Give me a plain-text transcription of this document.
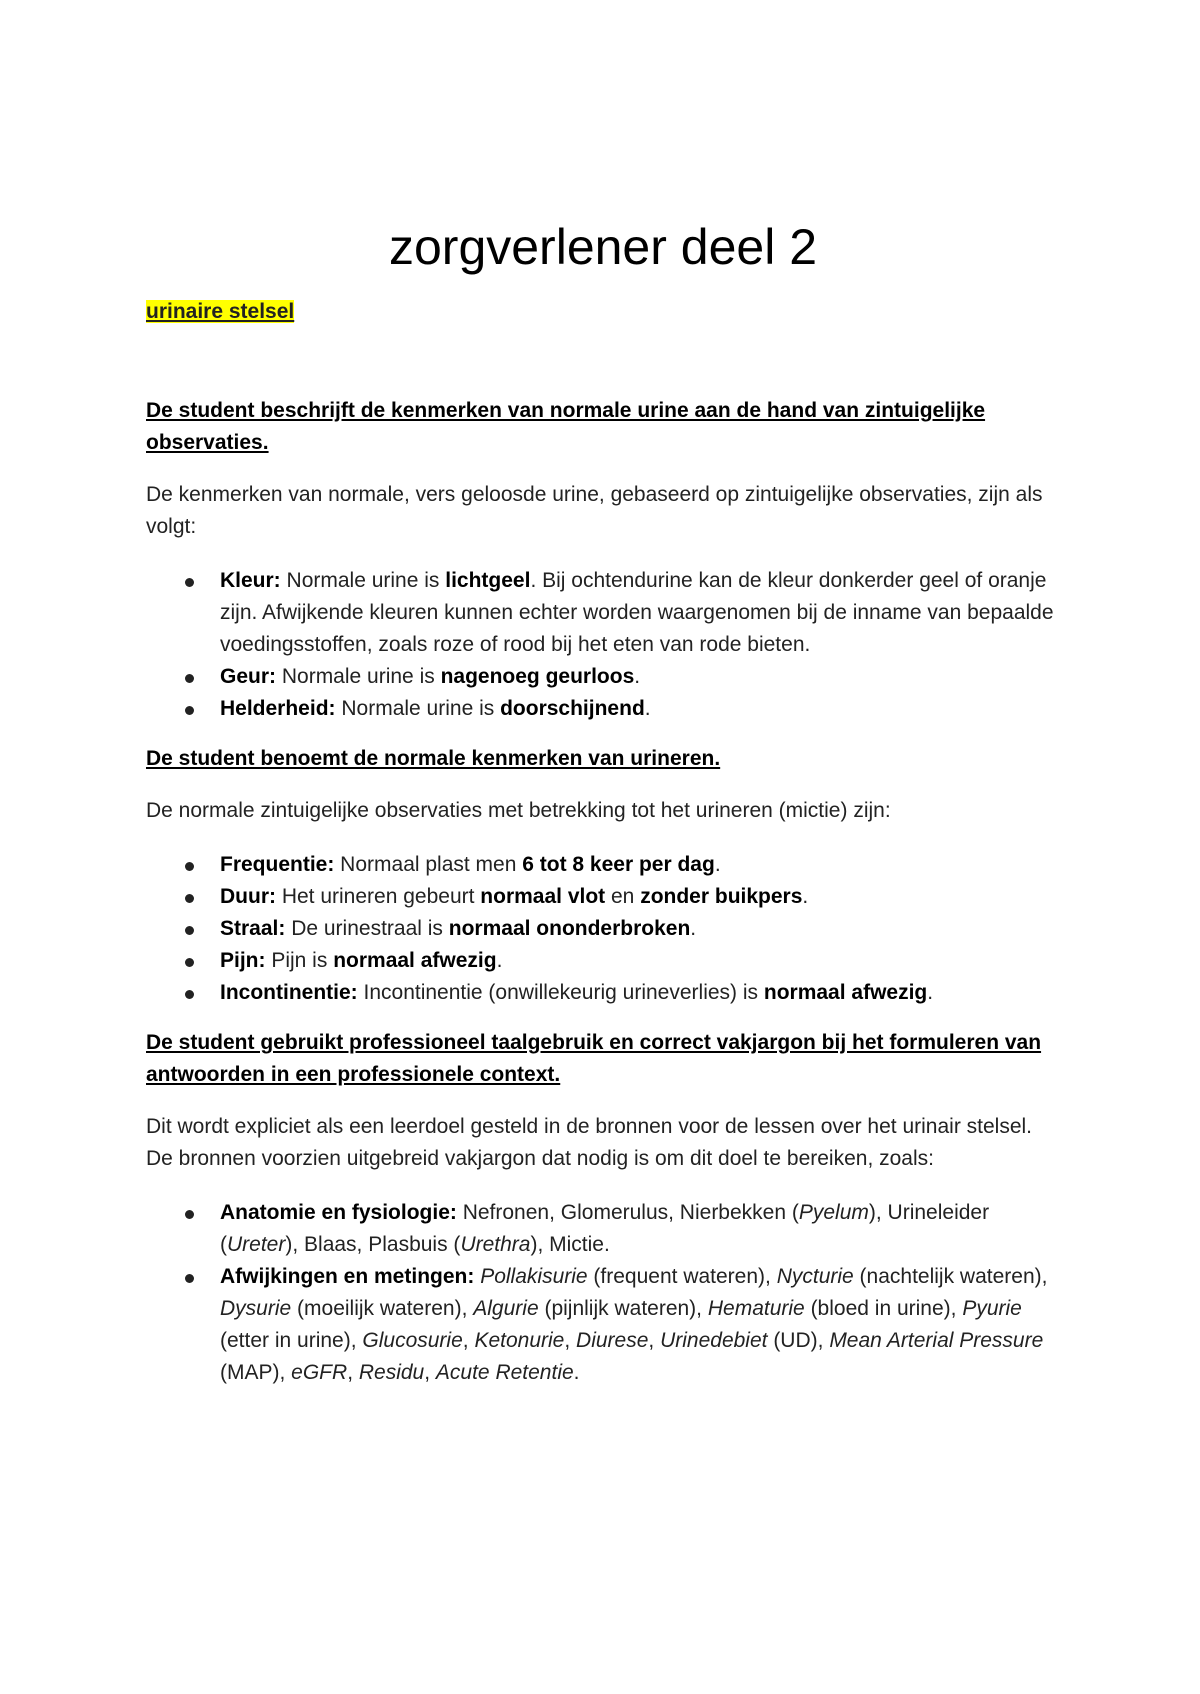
zorgverlener deel 2
urinaire stelsel
De student beschrijft de kenmerken van normale urine aan de hand van zintuigelijke observaties.
De kenmerken van normale, vers geloosde urine, gebaseerd op zintuigelijke observaties, zijn als volgt:
Kleur: Normale urine is lichtgeel. Bij ochtendurine kan de kleur donkerder geel of oranje zijn. Afwijkende kleuren kunnen echter worden waargenomen bij de inname van bepaalde voedingsstoffen, zoals roze of rood bij het eten van rode bieten.
Geur: Normale urine is nagenoeg geurloos.
Helderheid: Normale urine is doorschijnend.
De student benoemt de normale kenmerken van urineren.
De normale zintuigelijke observaties met betrekking tot het urineren (mictie) zijn:
Frequentie: Normaal plast men 6 tot 8 keer per dag.
Duur: Het urineren gebeurt normaal vlot en zonder buikpers.
Straal: De urinestraal is normaal ononderbroken.
Pijn: Pijn is normaal afwezig.
Incontinentie: Incontinentie (onwillekeurig urineverlies) is normaal afwezig.
De student gebruikt professioneel taalgebruik en correct vakjargon bij het formuleren van antwoorden in een professionele context.
Dit wordt expliciet als een leerdoel gesteld in de bronnen voor de lessen over het urinair stelsel. De bronnen voorzien uitgebreid vakjargon dat nodig is om dit doel te bereiken, zoals:
Anatomie en fysiologie: Nefronen, Glomerulus, Nierbekken (Pyelum), Urineleider (Ureter), Blaas, Plasbuis (Urethra), Mictie.
Afwijkingen en metingen: Pollakisurie (frequent wateren), Nycturie (nachtelijk wateren), Dysurie (moeilijk wateren), Algurie (pijnlijk wateren), Hematurie (bloed in urine), Pyurie (etter in urine), Glucosurie, Ketonurie, Diurese, Urinedebiet (UD), Mean Arterial Pressure (MAP), eGFR, Residu, Acute Retentie.
